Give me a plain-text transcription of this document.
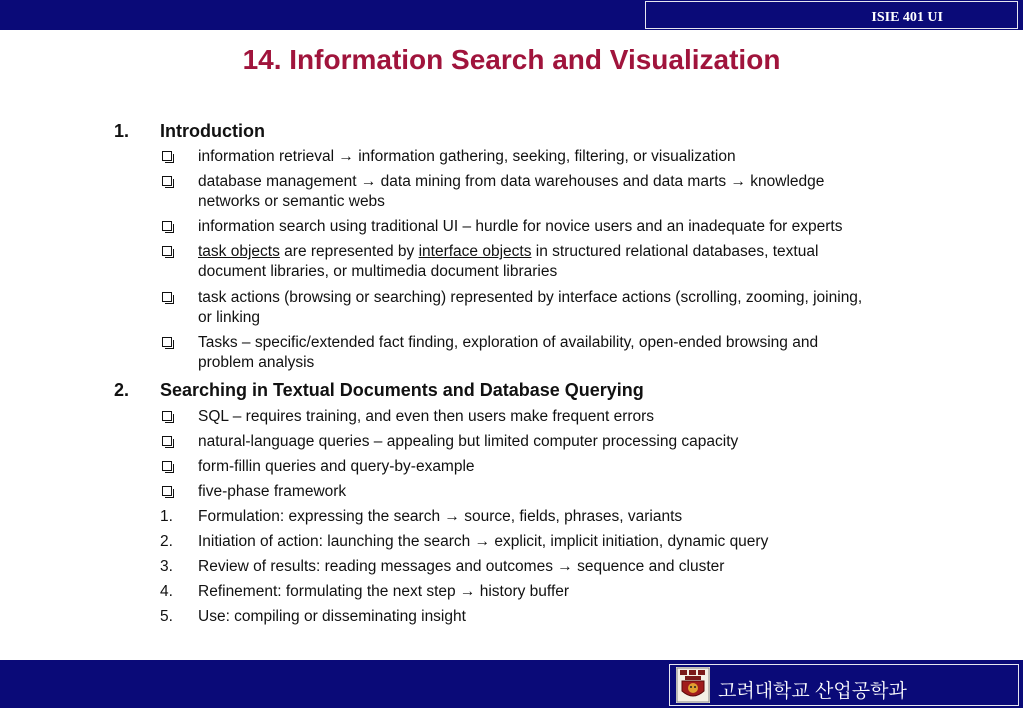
ISIE 401 UI
14. Information Search and Visualization
1. Introduction
information retrieval → information gathering, seeking, filtering, or visualization
database management → data mining from data warehouses and data marts → knowledge
networks or semantic webs
information search using traditional UI – hurdle for novice users and an inadequate for experts
task objects are represented by interface objects in structured relational databases, textual
document libraries, or multimedia document libraries
task actions (browsing or searching) represented by interface actions (scrolling, zooming, joining,
or linking
Tasks – specific/extended fact finding, exploration of availability, open-ended browsing and
problem analysis
2. Searching in Textual Documents and Database Querying
SQL – requires training, and even then users make frequent errors
natural-language queries – appealing but limited computer processing capacity
form-fillin queries and query-by-example
five-phase framework
1. Formulation: expressing the search → source, fields, phrases, variants
2. Initiation of action: launching the search → explicit, implicit initiation, dynamic query
3. Review of results: reading messages and outcomes → sequence and cluster
4. Refinement: formulating the next step → history buffer
5. Use: compiling or disseminating insight
고려대학교 산업공학과
